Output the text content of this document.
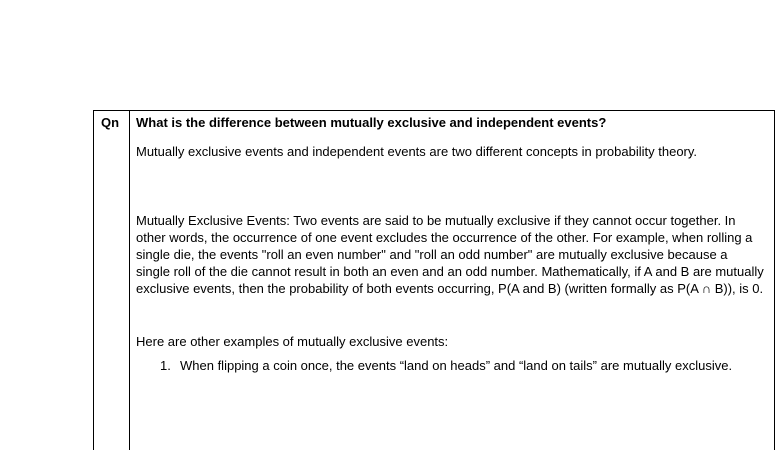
Qn	What is the difference between mutually exclusive and independent events?

Mutually exclusive events and independent events are two different concepts in probability theory.

Mutually Exclusive Events: Two events are said to be mutually exclusive if they cannot occur together. In other words, the occurrence of one event excludes the occurrence of the other. For example, when rolling a single die, the events "roll an even number" and "roll an odd number" are mutually exclusive because a single roll of the die cannot result in both an even and an odd number. Mathematically, if A and B are mutually exclusive events, then the probability of both events occurring, P(A and B) (written formally as P(A ∩ B)), is 0.

Here are other examples of mutually exclusive events:

1. When flipping a coin once, the events “land on heads” and “land on tails” are mutually exclusive.
